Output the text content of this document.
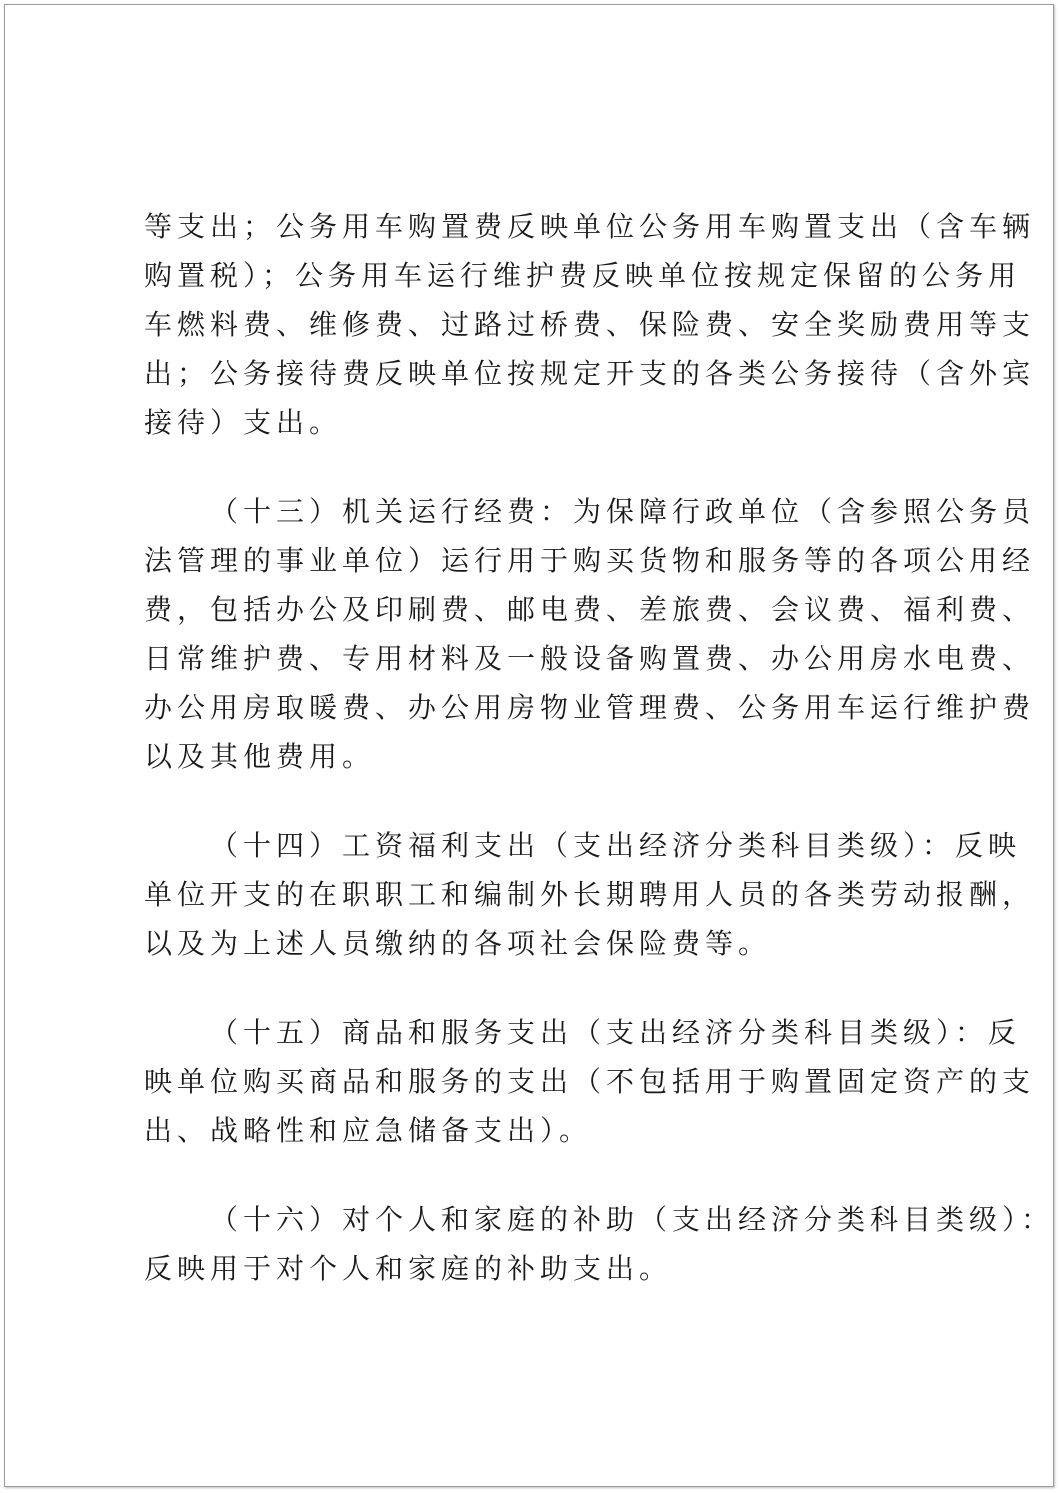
等支出；公务用车购置费反映单位公务用车购置支出（含车辆
购置税）；公务用车运行维护费反映单位按规定保留的公务用
车燃料费、维修费、过路过桥费、保险费、安全奖励费用等支
出；公务接待费反映单位按规定开支的各类公务接待（含外宾
接待）支出。

（十三）机关运行经费：为保障行政单位（含参照公务员
法管理的事业单位）运行用于购买货物和服务等的各项公用经
费，包括办公及印刷费、邮电费、差旅费、会议费、福利费、
日常维护费、专用材料及一般设备购置费、办公用房水电费、
办公用房取暖费、办公用房物业管理费、公务用车运行维护费
以及其他费用。

（十四）工资福利支出（支出经济分类科目类级）：反映
单位开支的在职职工和编制外长期聘用人员的各类劳动报酬，
以及为上述人员缴纳的各项社会保险费等。

（十五）商品和服务支出（支出经济分类科目类级）：反
映单位购买商品和服务的支出（不包括用于购置固定资产的支
出、战略性和应急储备支出）。

（十六）对个人和家庭的补助（支出经济分类科目类级）：
反映用于对个人和家庭的补助支出。
